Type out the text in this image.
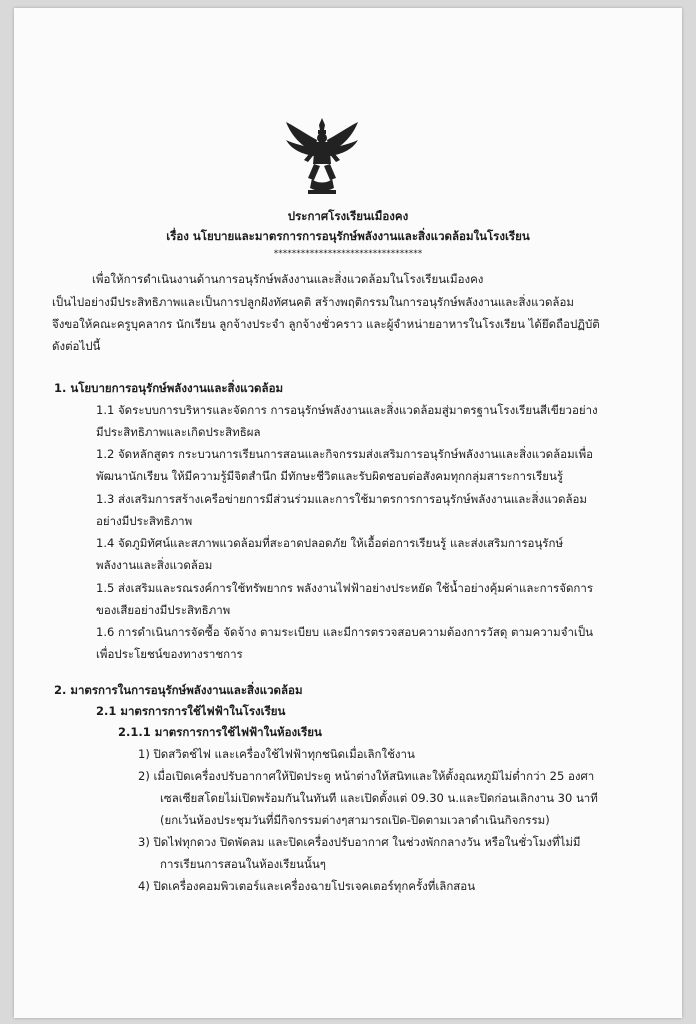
ประกาศโรงเรียนเมืองคง
เรื่อง นโยบายและมาตรการการอนุรักษ์พลังงานและสิ่งแวดล้อมในโรงเรียน
*********************************
เพื่อให้การดำเนินงานด้านการอนุรักษ์พลังงานและสิ่งแวดล้อมในโรงเรียนเมืองคง
เป็นไปอย่างมีประสิทธิภาพและเป็นการปลูกฝังทัศนคติ สร้างพฤติกรรมในการอนุรักษ์พลังงานและสิ่งแวดล้อม
จึงขอให้คณะครูบุคลากร นักเรียน ลูกจ้างประจำ ลูกจ้างชั่วคราว และผู้จำหน่ายอาหารในโรงเรียน ได้ยึดถือปฏิบัติ
ดังต่อไปนี้
1. นโยบายการอนุรักษ์พลังงานและสิ่งแวดล้อม
1.1 จัดระบบการบริหารและจัดการ การอนุรักษ์พลังงานและสิ่งแวดล้อมสู่มาตรฐานโรงเรียนสีเขียวอย่าง
มีประสิทธิภาพและเกิดประสิทธิผล
1.2 จัดหลักสูตร กระบวนการเรียนการสอนและกิจกรรมส่งเสริมการอนุรักษ์พลังงานและสิ่งแวดล้อมเพื่อ
พัฒนานักเรียน ให้มีความรู้มีจิตสำนึก มีทักษะชีวิตและรับผิดชอบต่อสังคมทุกกลุ่มสาระการเรียนรู้
1.3 ส่งเสริมการสร้างเครือข่ายการมีส่วนร่วมและการใช้มาตรการการอนุรักษ์พลังงานและสิ่งแวดล้อม
อย่างมีประสิทธิภาพ
1.4 จัดภูมิทัศน์และสภาพแวดล้อมที่สะอาดปลอดภัย ให้เอื้อต่อการเรียนรู้ และส่งเสริมการอนุรักษ์
พลังงานและสิ่งแวดล้อม
1.5 ส่งเสริมและรณรงค์การใช้ทรัพยากร พลังงานไฟฟ้าอย่างประหยัด ใช้น้ำอย่างคุ้มค่าและการจัดการ
ของเสียอย่างมีประสิทธิภาพ
1.6 การดำเนินการจัดซื้อ จัดจ้าง ตามระเบียบ และมีการตรวจสอบความต้องการวัสดุ ตามความจำเป็น
เพื่อประโยชน์ของทางราชการ
2. มาตรการในการอนุรักษ์พลังงานและสิ่งแวดล้อม
2.1 มาตรการการใช้ไฟฟ้าในโรงเรียน
2.1.1 มาตรการการใช้ไฟฟ้าในห้องเรียน
1) ปิดสวิตช์ไฟ และเครื่องใช้ไฟฟ้าทุกชนิดเมื่อเลิกใช้งาน
2) เมื่อเปิดเครื่องปรับอากาศให้ปิดประตู หน้าต่างให้สนิทและให้ตั้งอุณหภูมิไม่ต่ำกว่า 25 องศา
เซลเซียสโดยไม่เปิดพร้อมกันในทันที และเปิดตั้งแต่ 09.30 น.และปิดก่อนเลิกงาน 30 นาที
(ยกเว้นห้องประชุมวันที่มีกิจกรรมต่างๆสามารถเปิด-ปิดตามเวลาดำเนินกิจกรรม)
3) ปิดไฟทุกดวง ปิดพัดลม และปิดเครื่องปรับอากาศ ในช่วงพักกลางวัน หรือในชั่วโมงที่ไม่มี
การเรียนการสอนในห้องเรียนนั้นๆ
4) ปิดเครื่องคอมพิวเตอร์และเครื่องฉายโปรเจคเตอร์ทุกครั้งที่เลิกสอน
